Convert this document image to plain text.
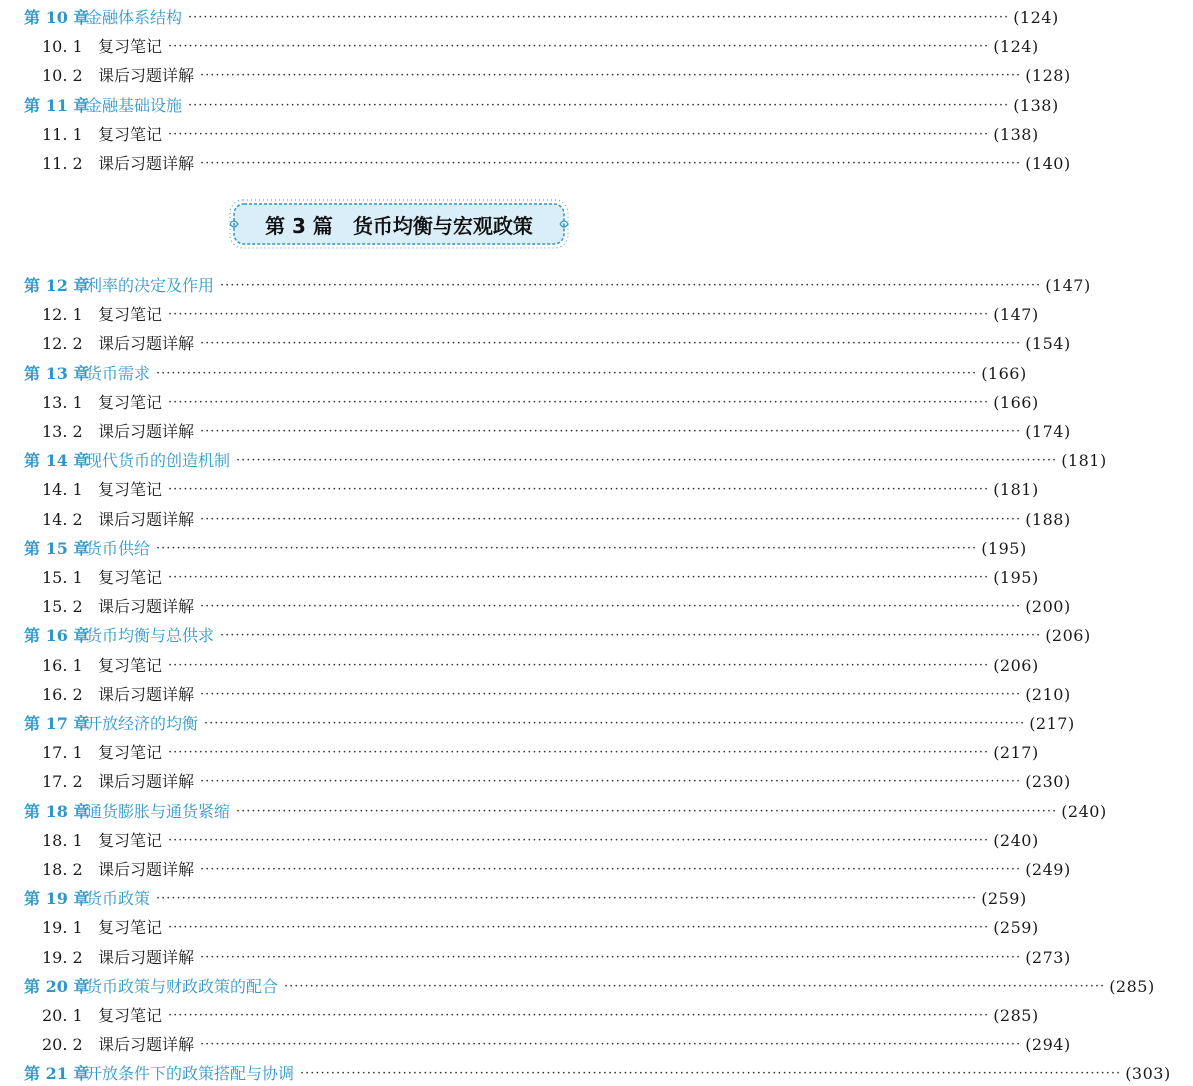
第 3 篇　货币均衡与宏观政策
第 10 章
金融体系结构 ································································································································································ (124)
10. 1 复习笔记 ································································································································································ (124)
10. 2 课后习题详解 ································································································································································ (128)
第 11 章
金融基础设施 ································································································································································ (138)
11. 1 复习笔记 ································································································································································ (138)
11. 2 课后习题详解 ································································································································································ (140)
第 12 章
利率的决定及作用 ································································································································································ (147)
12. 1 复习笔记 ································································································································································ (147)
12. 2 课后习题详解 ································································································································································ (154)
第 13 章
货币需求 ································································································································································ (166)
13. 1 复习笔记 ································································································································································ (166)
13. 2 课后习题详解 ································································································································································ (174)
第 14 章
现代货币的创造机制 ································································································································································ (181)
14. 1 复习笔记 ································································································································································ (181)
14. 2 课后习题详解 ································································································································································ (188)
第 15 章
货币供给 ································································································································································ (195)
15. 1 复习笔记 ································································································································································ (195)
15. 2 课后习题详解 ································································································································································ (200)
第 16 章
货币均衡与总供求 ································································································································································ (206)
16. 1 复习笔记 ································································································································································ (206)
16. 2 课后习题详解 ································································································································································ (210)
第 17 章
开放经济的均衡 ································································································································································ (217)
17. 1 复习笔记 ································································································································································ (217)
17. 2 课后习题详解 ································································································································································ (230)
第 18 章
通货膨胀与通货紧缩 ································································································································································ (240)
18. 1 复习笔记 ································································································································································ (240)
18. 2 课后习题详解 ································································································································································ (249)
第 19 章
货币政策 ································································································································································ (259)
19. 1 复习笔记 ································································································································································ (259)
19. 2 课后习题详解 ································································································································································ (273)
第 20 章
货币政策与财政政策的配合 ································································································································································ (285)
20. 1 复习笔记 ································································································································································ (285)
20. 2 课后习题详解 ································································································································································ (294)
第 21 章
开放条件下的政策搭配与协调 ································································································································································ (303)
